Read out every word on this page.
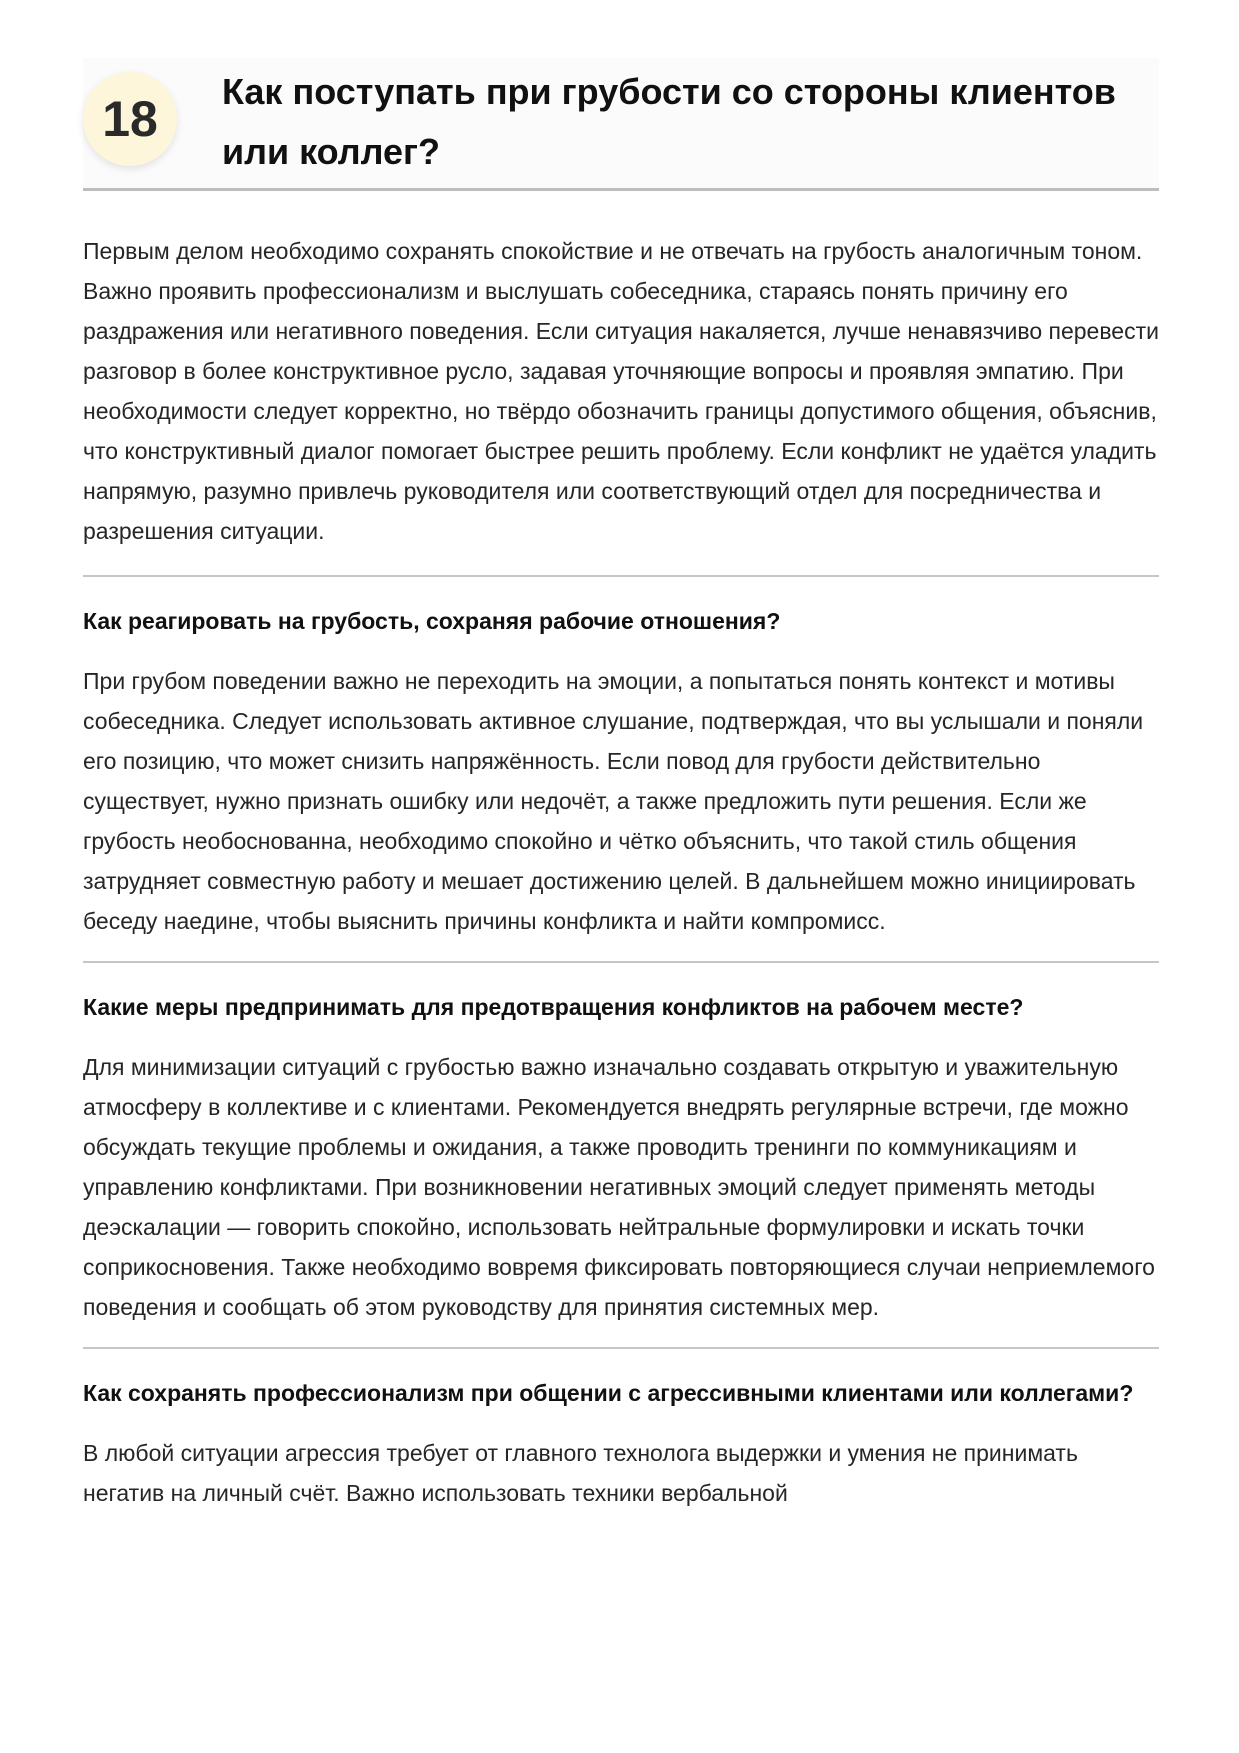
18	Как поступать при грубости со стороны клиентов или коллег?

Первым делом необходимо сохранять спокойствие и не отвечать на грубость аналогичным тоном. Важно проявить профессионализм и выслушать собеседника, стараясь понять причину его раздражения или негативного поведения. Если ситуация накаляется, лучше ненавязчиво перевести разговор в более конструктивное русло, задавая уточняющие вопросы и проявляя эмпатию. При необходимости следует корректно, но твёрдо обозначить границы допустимого общения, объяснив, что конструктивный диалог помогает быстрее решить проблему. Если конфликт не удаётся уладить напрямую, разумно привлечь руководителя или соответствующий отдел для посредничества и разрешения ситуации.

Как реагировать на грубость, сохраняя рабочие отношения?

При грубом поведении важно не переходить на эмоции, а попытаться понять контекст и мотивы собеседника. Следует использовать активное слушание, подтверждая, что вы услышали и поняли его позицию, что может снизить напряжённость. Если повод для грубости действительно существует, нужно признать ошибку или недочёт, а также предложить пути решения. Если же грубость необоснованна, необходимо спокойно и чётко объяснить, что такой стиль общения затрудняет совместную работу и мешает достижению целей. В дальнейшем можно инициировать беседу наедине, чтобы выяснить причины конфликта и найти компромисс.

Какие меры предпринимать для предотвращения конфликтов на рабочем месте?

Для минимизации ситуаций с грубостью важно изначально создавать открытую и уважительную атмосферу в коллективе и с клиентами. Рекомендуется внедрять регулярные встречи, где можно обсуждать текущие проблемы и ожидания, а также проводить тренинги по коммуникациям и управлению конфликтами. При возникновении негативных эмоций следует применять методы деэскалации — говорить спокойно, использовать нейтральные формулировки и искать точки соприкосновения. Также необходимо вовремя фиксировать повторяющиеся случаи неприемлемого поведения и сообщать об этом руководству для принятия системных мер.

Как сохранять профессионализм при общении с агрессивными клиентами или коллегами?

В любой ситуации агрессия требует от главного технолога выдержки и умения не принимать негатив на личный счёт. Важно использовать техники вербальной
